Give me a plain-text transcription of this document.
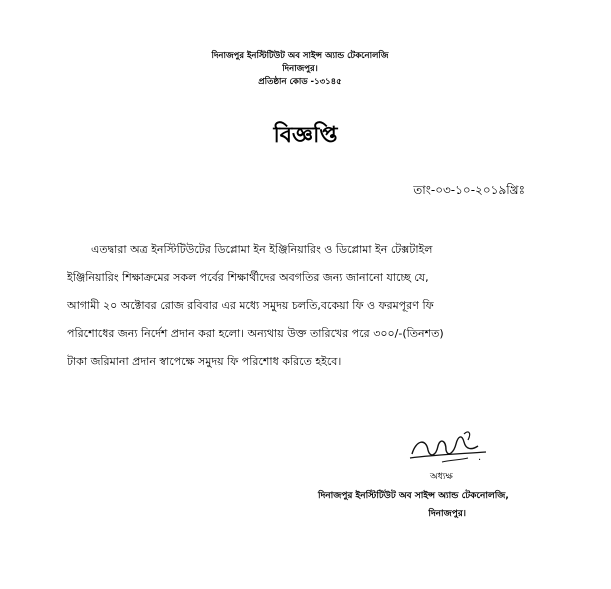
দিনাজপুর ইনস্টিটিউট অব সাইন্স অ্যান্ড টেকনোলজি
দিনাজপুর।
প্রতিষ্ঠান কোড -১৩১৪৫
বিজ্ঞপ্তি
তাং-০৩-১০-২০১৯খ্রিঃ
এতদ্বারা অত্র ইনস্টিটিউটের ডিপ্লোমা ইন ইঞ্জিনিয়ারিং ও ডিপ্লোমা ইন টেক্সটাইল
ইঞ্জিনিয়ারিং শিক্ষাক্রমের সকল পর্বের শিক্ষার্থীদের অবগতির জন্য জানানো যাচ্ছে যে,
আগামী ২০ অক্টোবর রোজ রবিবার এর মধ্যে সমুদয় চলতি,বকেয়া ফি ও ফরমপূরণ ফি
পরিশোধের জন্য নির্দেশ প্রদান করা হলো। অন্যথায় উক্ত তারিখের পরে ৩০০/-(তিনশত)
টাকা জরিমানা প্রদান স্বাপেক্ষে সমুদয় ফি পরিশোধ করিতে হইবে।
.
অধ্যক্ষ
দিনাজপুর ইনস্টিটিউট অব সাইন্স অ্যান্ড টেকনোলজি,
দিনাজপুর।
